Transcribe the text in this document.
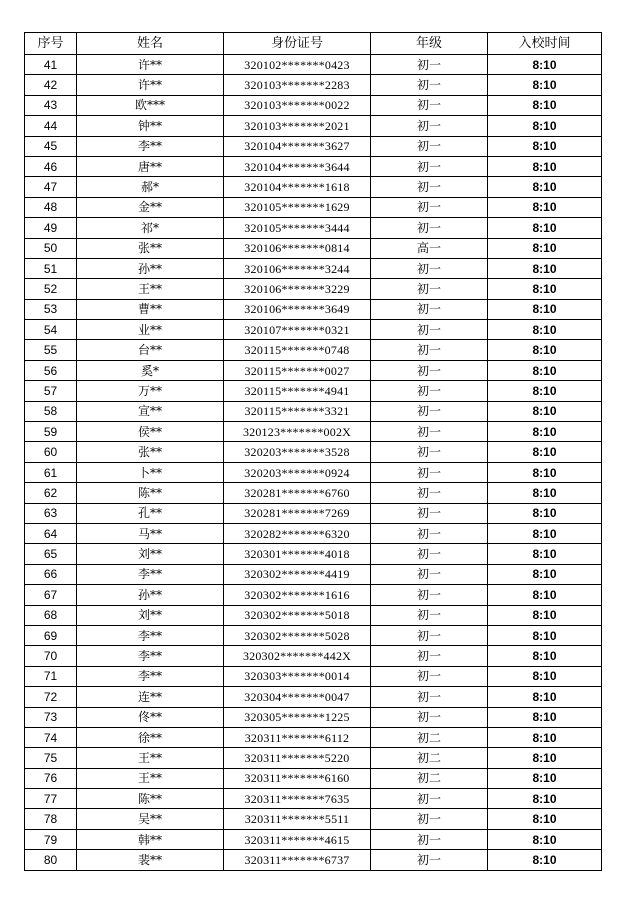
序号	姓名	身份证号	年级	入校时间
41	许**	320102*******0423	初一	8:10
42	许**	320103*******2283	初一	8:10
43	欧***	320103*******0022	初一	8:10
44	钟**	320103*******2021	初一	8:10
45	李**	320104*******3627	初一	8:10
46	唐**	320104*******3644	初一	8:10
47	郝*	320104*******1618	初一	8:10
48	金**	320105*******1629	初一	8:10
49	祁*	320105*******3444	初一	8:10
50	张**	320106*******0814	高一	8:10
51	孙**	320106*******3244	初一	8:10
52	王**	320106*******3229	初一	8:10
53	曹**	320106*******3649	初一	8:10
54	业**	320107*******0321	初一	8:10
55	台**	320115*******0748	初一	8:10
56	奚*	320115*******0027	初一	8:10
57	万**	320115*******4941	初一	8:10
58	宣**	320115*******3321	初一	8:10
59	侯**	320123*******002X	初一	8:10
60	张**	320203*******3528	初一	8:10
61	卜**	320203*******0924	初一	8:10
62	陈**	320281*******6760	初一	8:10
63	孔**	320281*******7269	初一	8:10
64	马**	320282*******6320	初一	8:10
65	刘**	320301*******4018	初一	8:10
66	李**	320302*******4419	初一	8:10
67	孙**	320302*******1616	初一	8:10
68	刘**	320302*******5018	初一	8:10
69	李**	320302*******5028	初一	8:10
70	李**	320302*******442X	初一	8:10
71	李**	320303*******0014	初一	8:10
72	连**	320304*******0047	初一	8:10
73	佟**	320305*******1225	初一	8:10
74	徐**	320311*******6112	初二	8:10
75	王**	320311*******5220	初二	8:10
76	王**	320311*******6160	初二	8:10
77	陈**	320311*******7635	初一	8:10
78	吴**	320311*******5511	初一	8:10
79	韩**	320311*******4615	初一	8:10
80	裴**	320311*******6737	初一	8:10
